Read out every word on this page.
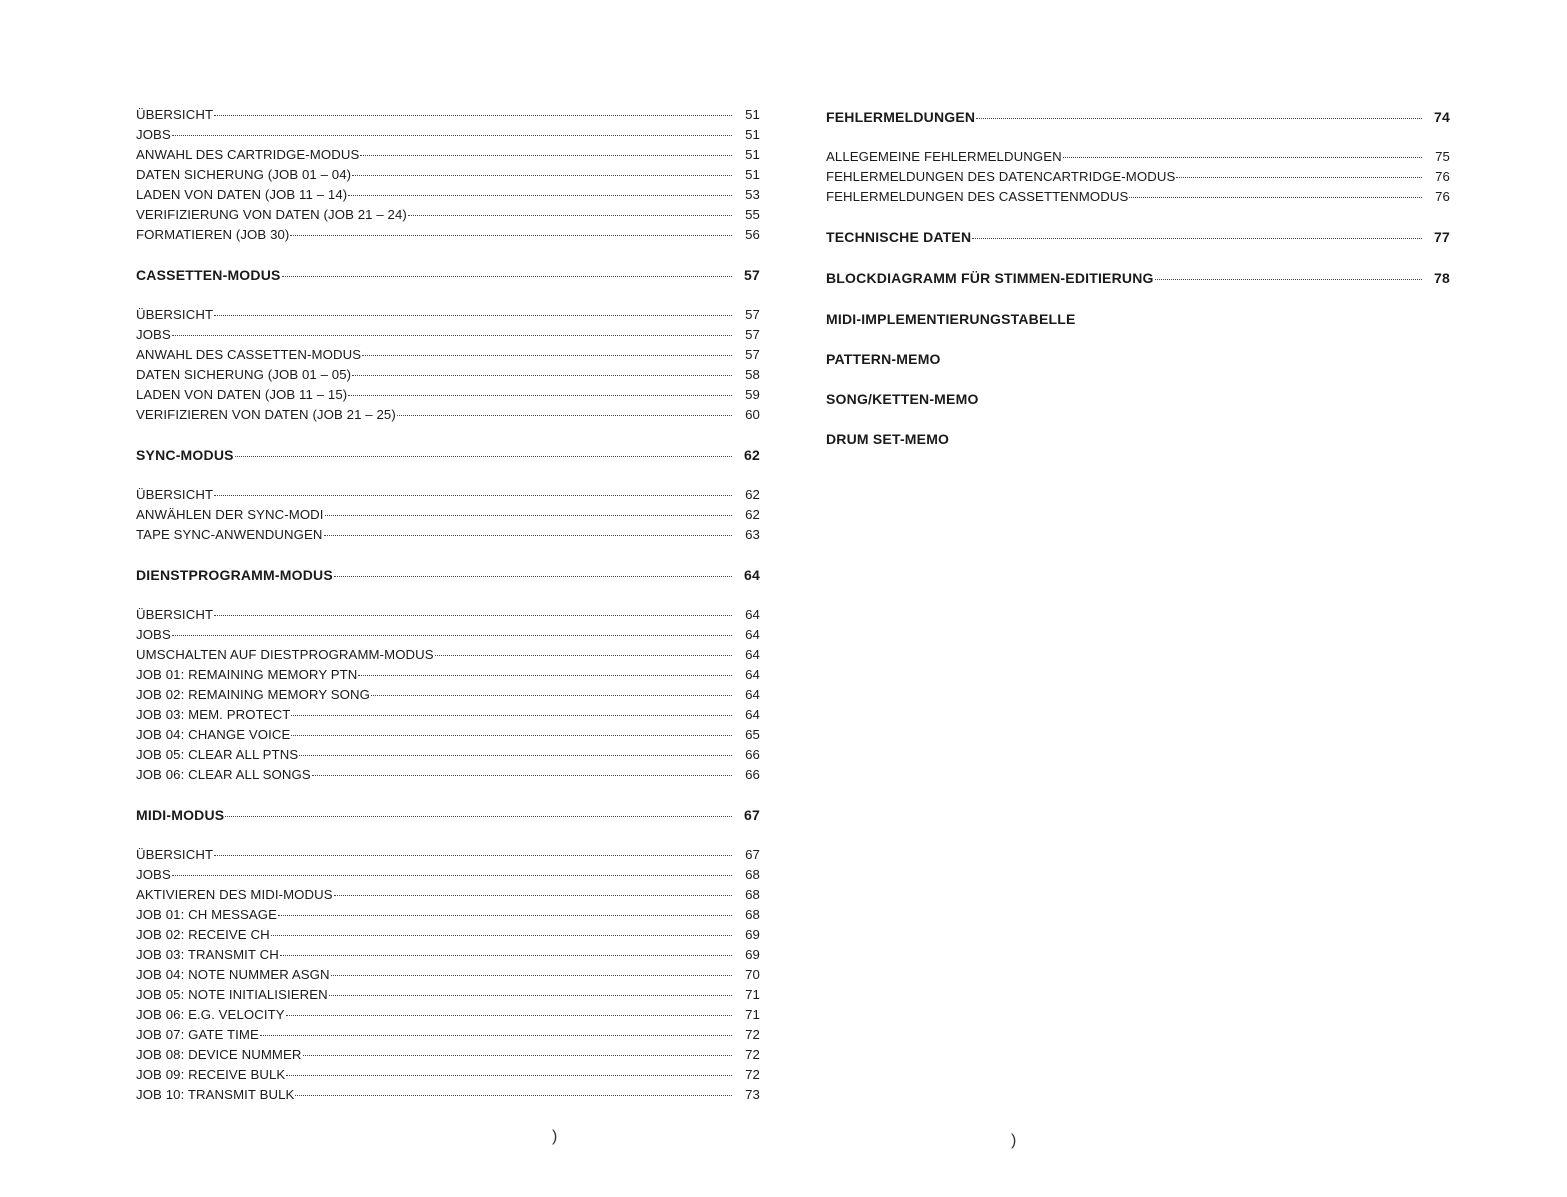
ÜBERSICHT	51
JOBS	51
ANWAHL DES CARTRIDGE-MODUS	51
DATEN SICHERUNG (JOB 01 – 04)	51
LADEN VON DATEN (JOB 11 – 14)	53
VERIFIZIERUNG VON DATEN (JOB 21 – 24)	55
FORMATIEREN (JOB 30)	56
CASSETTEN-MODUS	57
ÜBERSICHT	57
JOBS	57
ANWAHL DES CASSETTEN-MODUS	57
DATEN SICHERUNG (JOB 01 – 05)	58
LADEN VON DATEN (JOB 11 – 15)	59
VERIFIZIEREN VON DATEN (JOB 21 – 25)	60
SYNC-MODUS	62
ÜBERSICHT	62
ANWÄHLEN DER SYNC-MODI	62
TAPE SYNC-ANWENDUNGEN	63
DIENSTPROGRAMM-MODUS	64
ÜBERSICHT	64
JOBS	64
UMSCHALTEN AUF DIESTPROGRAMM-MODUS	64
JOB 01: REMAINING MEMORY PTN	64
JOB 02: REMAINING MEMORY SONG	64
JOB 03: MEM. PROTECT	64
JOB 04: CHANGE VOICE	65
JOB 05: CLEAR ALL PTNS	66
JOB 06: CLEAR ALL SONGS	66
MIDI-MODUS	67
ÜBERSICHT	67
JOBS	68
AKTIVIEREN DES MIDI-MODUS	68
JOB 01: CH MESSAGE	68
JOB 02: RECEIVE CH	69
JOB 03: TRANSMIT CH	69
JOB 04: NOTE NUMMER ASGN	70
JOB 05: NOTE INITIALISIEREN	71
JOB 06: E.G. VELOCITY	71
JOB 07: GATE TIME	72
JOB 08: DEVICE NUMMER	72
JOB 09: RECEIVE BULK	72
JOB 10: TRANSMIT BULK	73
FEHLERMELDUNGEN	74
ALLEGEMEINE FEHLERMELDUNGEN	75
FEHLERMELDUNGEN DES DATENCARTRIDGE-MODUS	76
FEHLERMELDUNGEN DES CASSETTENMODUS	76
TECHNISCHE DATEN	77
BLOCKDIAGRAMM FÜR STIMMEN-EDITIERUNG	78
MIDI-IMPLEMENTIERUNGSTABELLE
PATTERN-MEMO
SONG/KETTEN-MEMO
DRUM SET-MEMO
)	)
